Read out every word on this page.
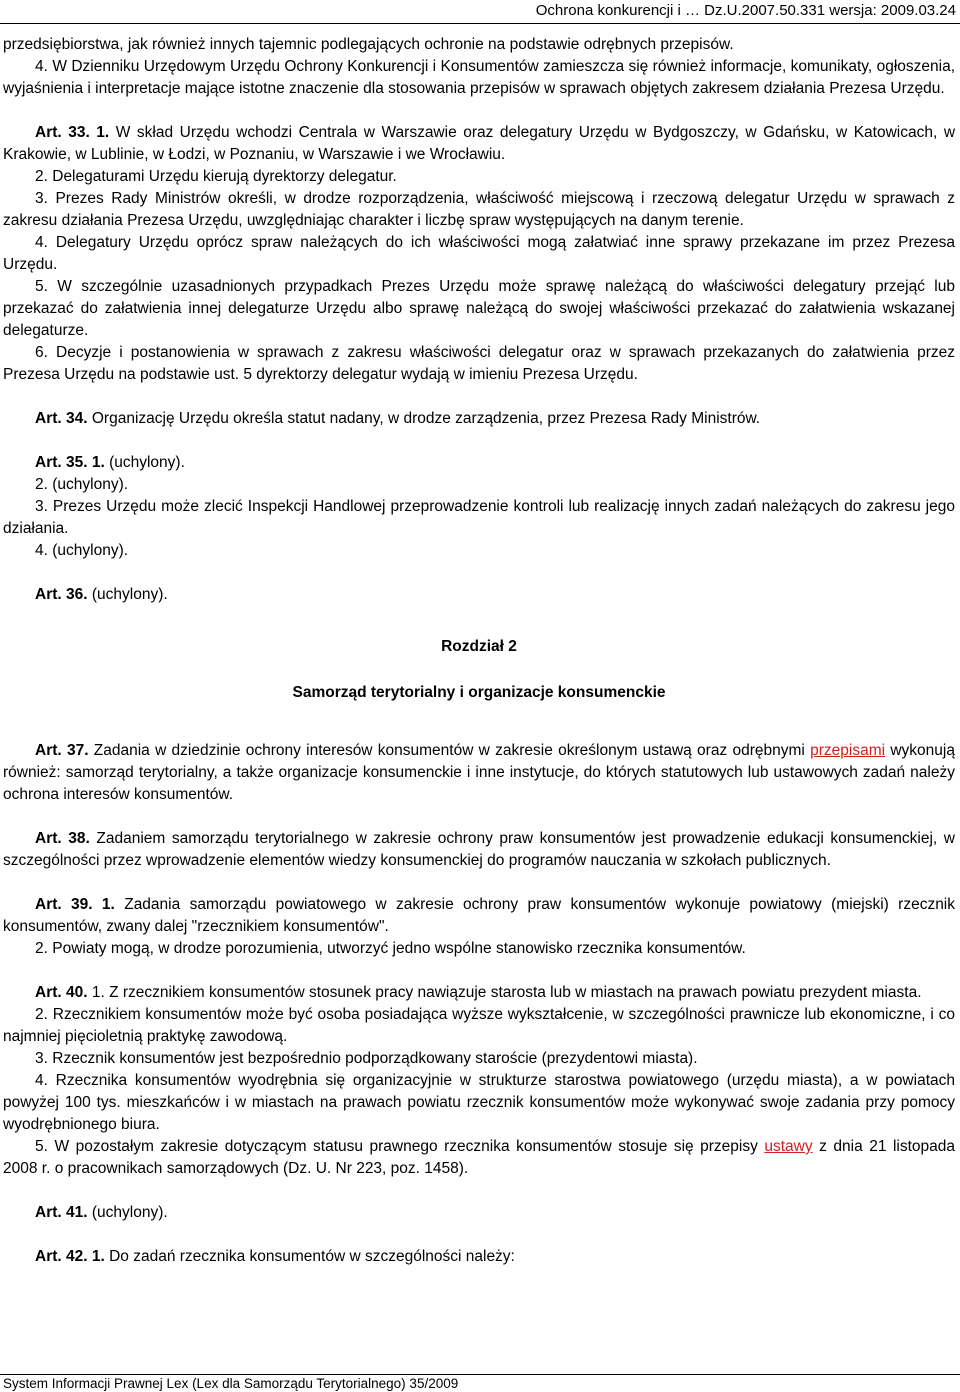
Ochrona konkurencji i … Dz.U.2007.50.331 wersja: 2009.03.24

przedsiębiorstwa, jak również innych tajemnic podlegających ochronie na podstawie odrębnych przepisów.

4. W Dzienniku Urzędowym Urzędu Ochrony Konkurencji i Konsumentów zamieszcza się również informacje, komunikaty, ogłoszenia, wyjaśnienia i interpretacje mające istotne znaczenie dla stosowania przepisów w sprawach objętych zakresem działania Prezesa Urzędu.

Art. 33. 1. W skład Urzędu wchodzi Centrala w Warszawie oraz delegatury Urzędu w Bydgoszczy, w Gdańsku, w Katowicach, w Krakowie, w Lublinie, w Łodzi, w Poznaniu, w Warszawie i we Wrocławiu.

2. Delegaturami Urzędu kierują dyrektorzy delegatur.

3. Prezes Rady Ministrów określi, w drodze rozporządzenia, właściwość miejscową i rzeczową delegatur Urzędu w sprawach z zakresu działania Prezesa Urzędu, uwzględniając charakter i liczbę spraw występujących na danym terenie.

4. Delegatury Urzędu oprócz spraw należących do ich właściwości mogą załatwiać inne sprawy przekazane im przez Prezesa Urzędu.

5. W szczególnie uzasadnionych przypadkach Prezes Urzędu może sprawę należącą do właściwości delegatury przejąć lub przekazać do załatwienia innej delegaturze Urzędu albo sprawę należącą do swojej właściwości przekazać do załatwienia wskazanej delegaturze.

6. Decyzje i postanowienia w sprawach z zakresu właściwości delegatur oraz w sprawach przekazanych do załatwienia przez Prezesa Urzędu na podstawie ust. 5 dyrektorzy delegatur wydają w imieniu Prezesa Urzędu.

Art. 34. Organizację Urzędu określa statut nadany, w drodze zarządzenia, przez Prezesa Rady Ministrów.

Art. 35. 1. (uchylony).

2. (uchylony).

3. Prezes Urzędu może zlecić Inspekcji Handlowej przeprowadzenie kontroli lub realizację innych zadań należących do zakresu jego działania.

4. (uchylony).

Art. 36. (uchylony).

Rozdział 2

Samorząd terytorialny i organizacje konsumenckie

Art. 37. Zadania w dziedzinie ochrony interesów konsumentów w zakresie określonym ustawą oraz odrębnymi przepisami wykonują również: samorząd terytorialny, a także organizacje konsumenckie i inne instytucje, do których statutowych lub ustawowych zadań należy ochrona interesów konsumentów.

Art. 38. Zadaniem samorządu terytorialnego w zakresie ochrony praw konsumentów jest prowadzenie edukacji konsumenckiej, w szczególności przez wprowadzenie elementów wiedzy konsumenckiej do programów nauczania w szkołach publicznych.

Art. 39. 1. Zadania samorządu powiatowego w zakresie ochrony praw konsumentów wykonuje powiatowy (miejski) rzecznik konsumentów, zwany dalej "rzecznikiem konsumentów".

2. Powiaty mogą, w drodze porozumienia, utworzyć jedno wspólne stanowisko rzecznika konsumentów.

Art. 40. 1. Z rzecznikiem konsumentów stosunek pracy nawiązuje starosta lub w miastach na prawach powiatu prezydent miasta.

2. Rzecznikiem konsumentów może być osoba posiadająca wyższe wykształcenie, w szczególności prawnicze lub ekonomiczne, i co najmniej pięcioletnią praktykę zawodową.

3. Rzecznik konsumentów jest bezpośrednio podporządkowany staroście (prezydentowi miasta).

4. Rzecznika konsumentów wyodrębnia się organizacyjnie w strukturze starostwa powiatowego (urzędu miasta), a w powiatach powyżej 100 tys. mieszkańców i w miastach na prawach powiatu rzecznik konsumentów może wykonywać swoje zadania przy pomocy wyodrębnionego biura.

5. W pozostałym zakresie dotyczącym statusu prawnego rzecznika konsumentów stosuje się przepisy ustawy z dnia 21 listopada 2008 r. o pracownikach samorządowych (Dz. U. Nr 223, poz. 1458).

Art. 41. (uchylony).

Art. 42. 1. Do zadań rzecznika konsumentów w szczególności należy:

System Informacji Prawnej Lex (Lex dla Samorządu Terytorialnego) 35/2009
